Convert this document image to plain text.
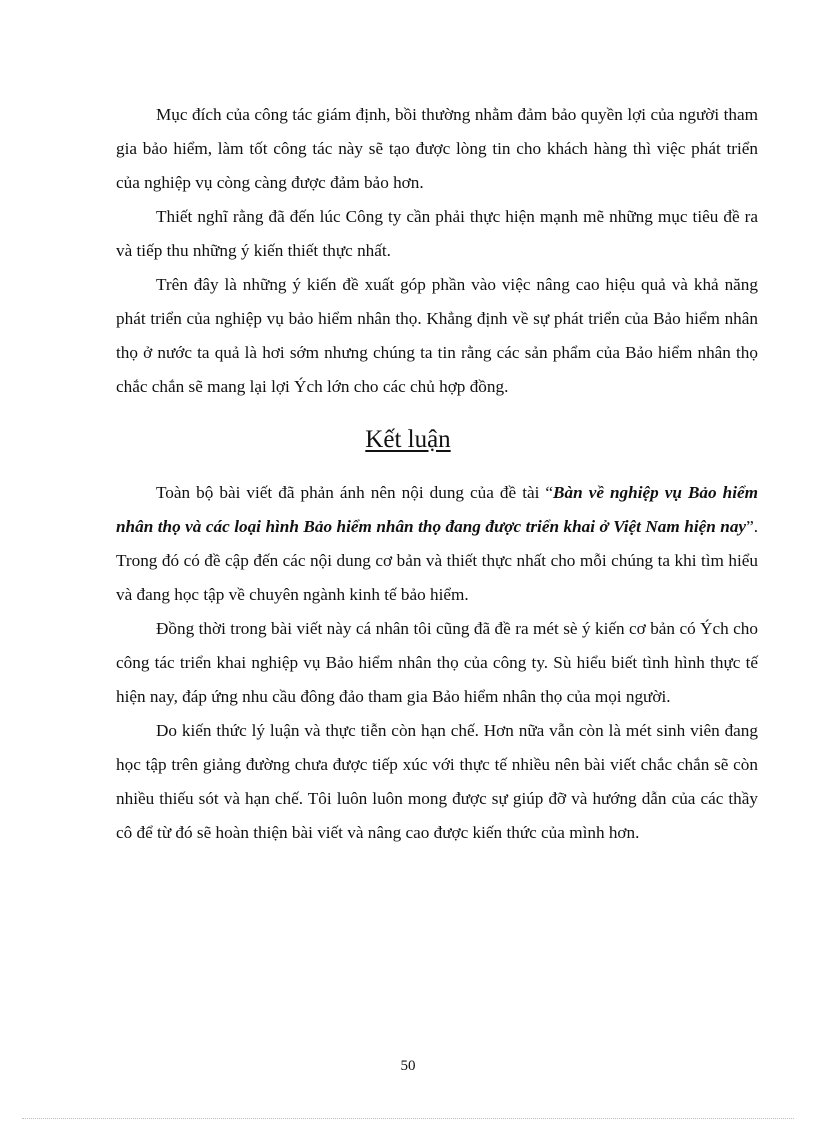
Mục đích của công tác giám định, bồi thường nhằm đảm bảo quyền lợi của người tham gia bảo hiểm, làm tốt công tác này sẽ tạo được lòng tin cho khách hàng thì việc phát triển của nghiệp vụ còng càng được đảm bảo hơn.

Thiết nghĩ rằng đã đến lúc Công ty cần phải thực hiện mạnh mẽ những mục tiêu đề ra và tiếp thu những ý kiến thiết thực nhất.

Trên đây là những ý kiến đề xuất góp phần vào việc nâng cao hiệu quả và khả năng phát triển của nghiệp vụ bảo hiểm nhân thọ. Khẳng định về sự phát triển của Bảo hiểm nhân thọ ở nước ta quả là hơi sớm nhưng chúng ta tin rằng các sản phẩm của Bảo hiểm nhân thọ chắc chắn sẽ mang lại lợi Ých lớn cho các chủ hợp đồng.

Kết luận

Toàn bộ bài viết đã phản ánh nên nội dung của đề tài “Bàn về nghiệp vụ Bảo hiểm nhân thọ và các loại hình Bảo hiểm nhân thọ đang được triển khai ở Việt Nam hiện nay”. Trong đó có đề cập đến các nội dung cơ bản và thiết thực nhất cho mỗi chúng ta khi tìm hiểu và đang học tập về chuyên ngành kinh tế bảo hiểm.

Đồng thời trong bài viết này cá nhân tôi cũng đã đề ra mét sè ý kiến cơ bản có Ých cho công tác triển khai nghiệp vụ Bảo hiểm nhân thọ của công ty. Sù hiểu biết tình hình thực tế hiện nay, đáp ứng nhu cầu đông đảo tham gia Bảo hiểm nhân thọ của mọi người.

Do kiến thức lý luận và thực tiễn còn hạn chế. Hơn nữa vẫn còn là mét sinh viên đang học tập trên giảng đường chưa được tiếp xúc với thực tế nhiều nên bài viết chắc chắn sẽ còn nhiều thiếu sót và hạn chế. Tôi luôn luôn mong được sự giúp đỡ và hướng dẫn của các thầy cô để từ đó sẽ hoàn thiện bài viết và nâng cao được kiến thức của mình hơn.

50
